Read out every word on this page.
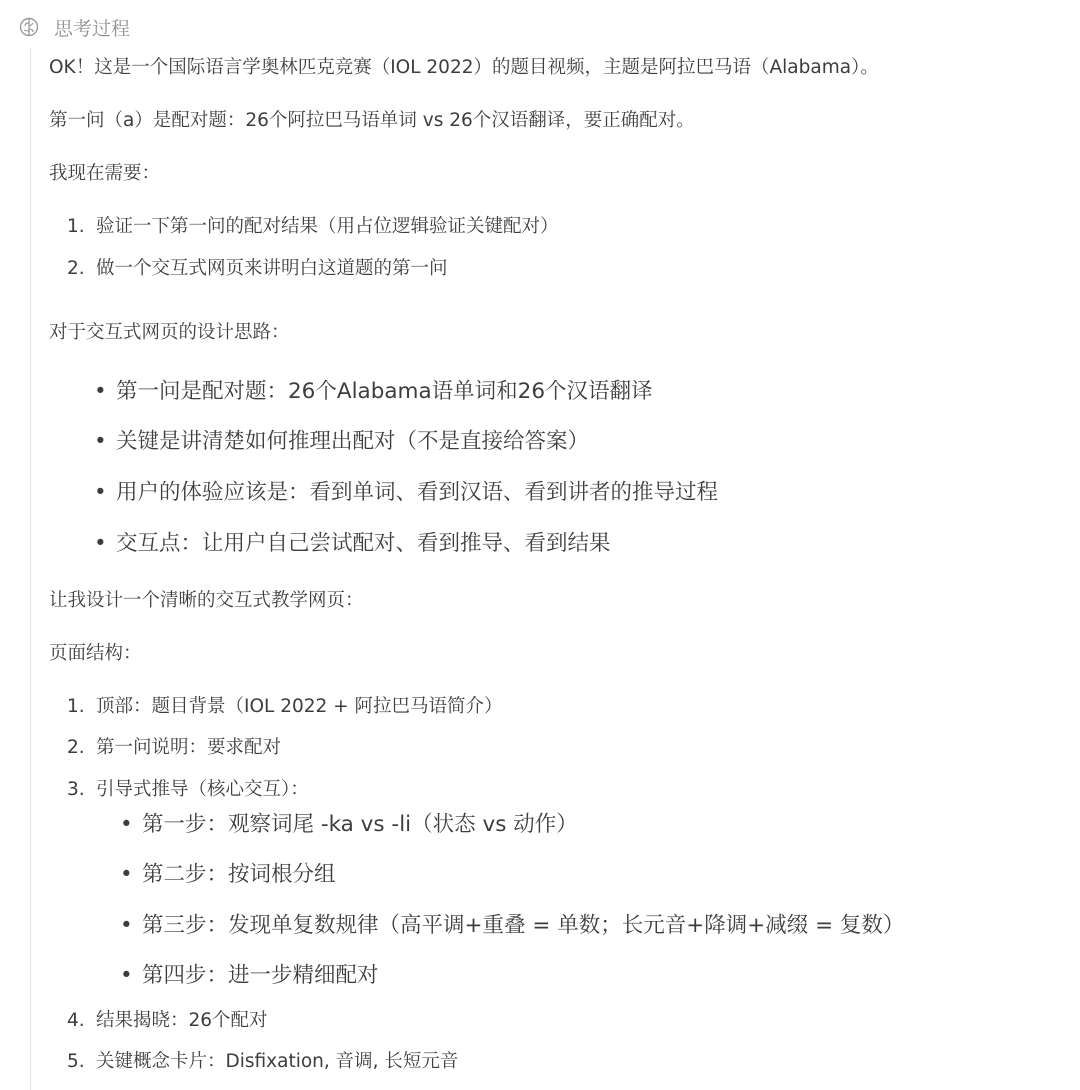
思考过程
OK！这是一个国际语言学奥林匹克竞赛（IOL 2022）的题目视频，主题是阿拉巴马语（Alabama）。
第一问（a）是配对题：26个阿拉巴马语单词 vs 26个汉语翻译，要正确配对。
我现在需要：
1. 验证一下第一问的配对结果（用占位逻辑验证关键配对）
2. 做一个交互式网页来讲明白这道题的第一问
对于交互式网页的设计思路：
• 第一问是配对题：26个Alabama语单词和26个汉语翻译
• 关键是讲清楚如何推理出配对（不是直接给答案）
• 用户的体验应该是：看到单词、看到汉语、看到讲者的推导过程
• 交互点：让用户自己尝试配对、看到推导、看到结果
让我设计一个清晰的交互式教学网页：
页面结构：
1. 顶部：题目背景（IOL 2022 + 阿拉巴马语简介）
2. 第一问说明：要求配对
3. 引导式推导（核心交互）：
• 第一步：观察词尾 -ka vs -li（状态 vs 动作）
• 第二步：按词根分组
• 第三步：发现单复数规律（高平调+重叠 = 单数；长元音+降调+减缀 = 复数）
• 第四步：进一步精细配对
4. 结果揭晓：26个配对
5. 关键概念卡片：Disfixation, 音调, 长短元音
